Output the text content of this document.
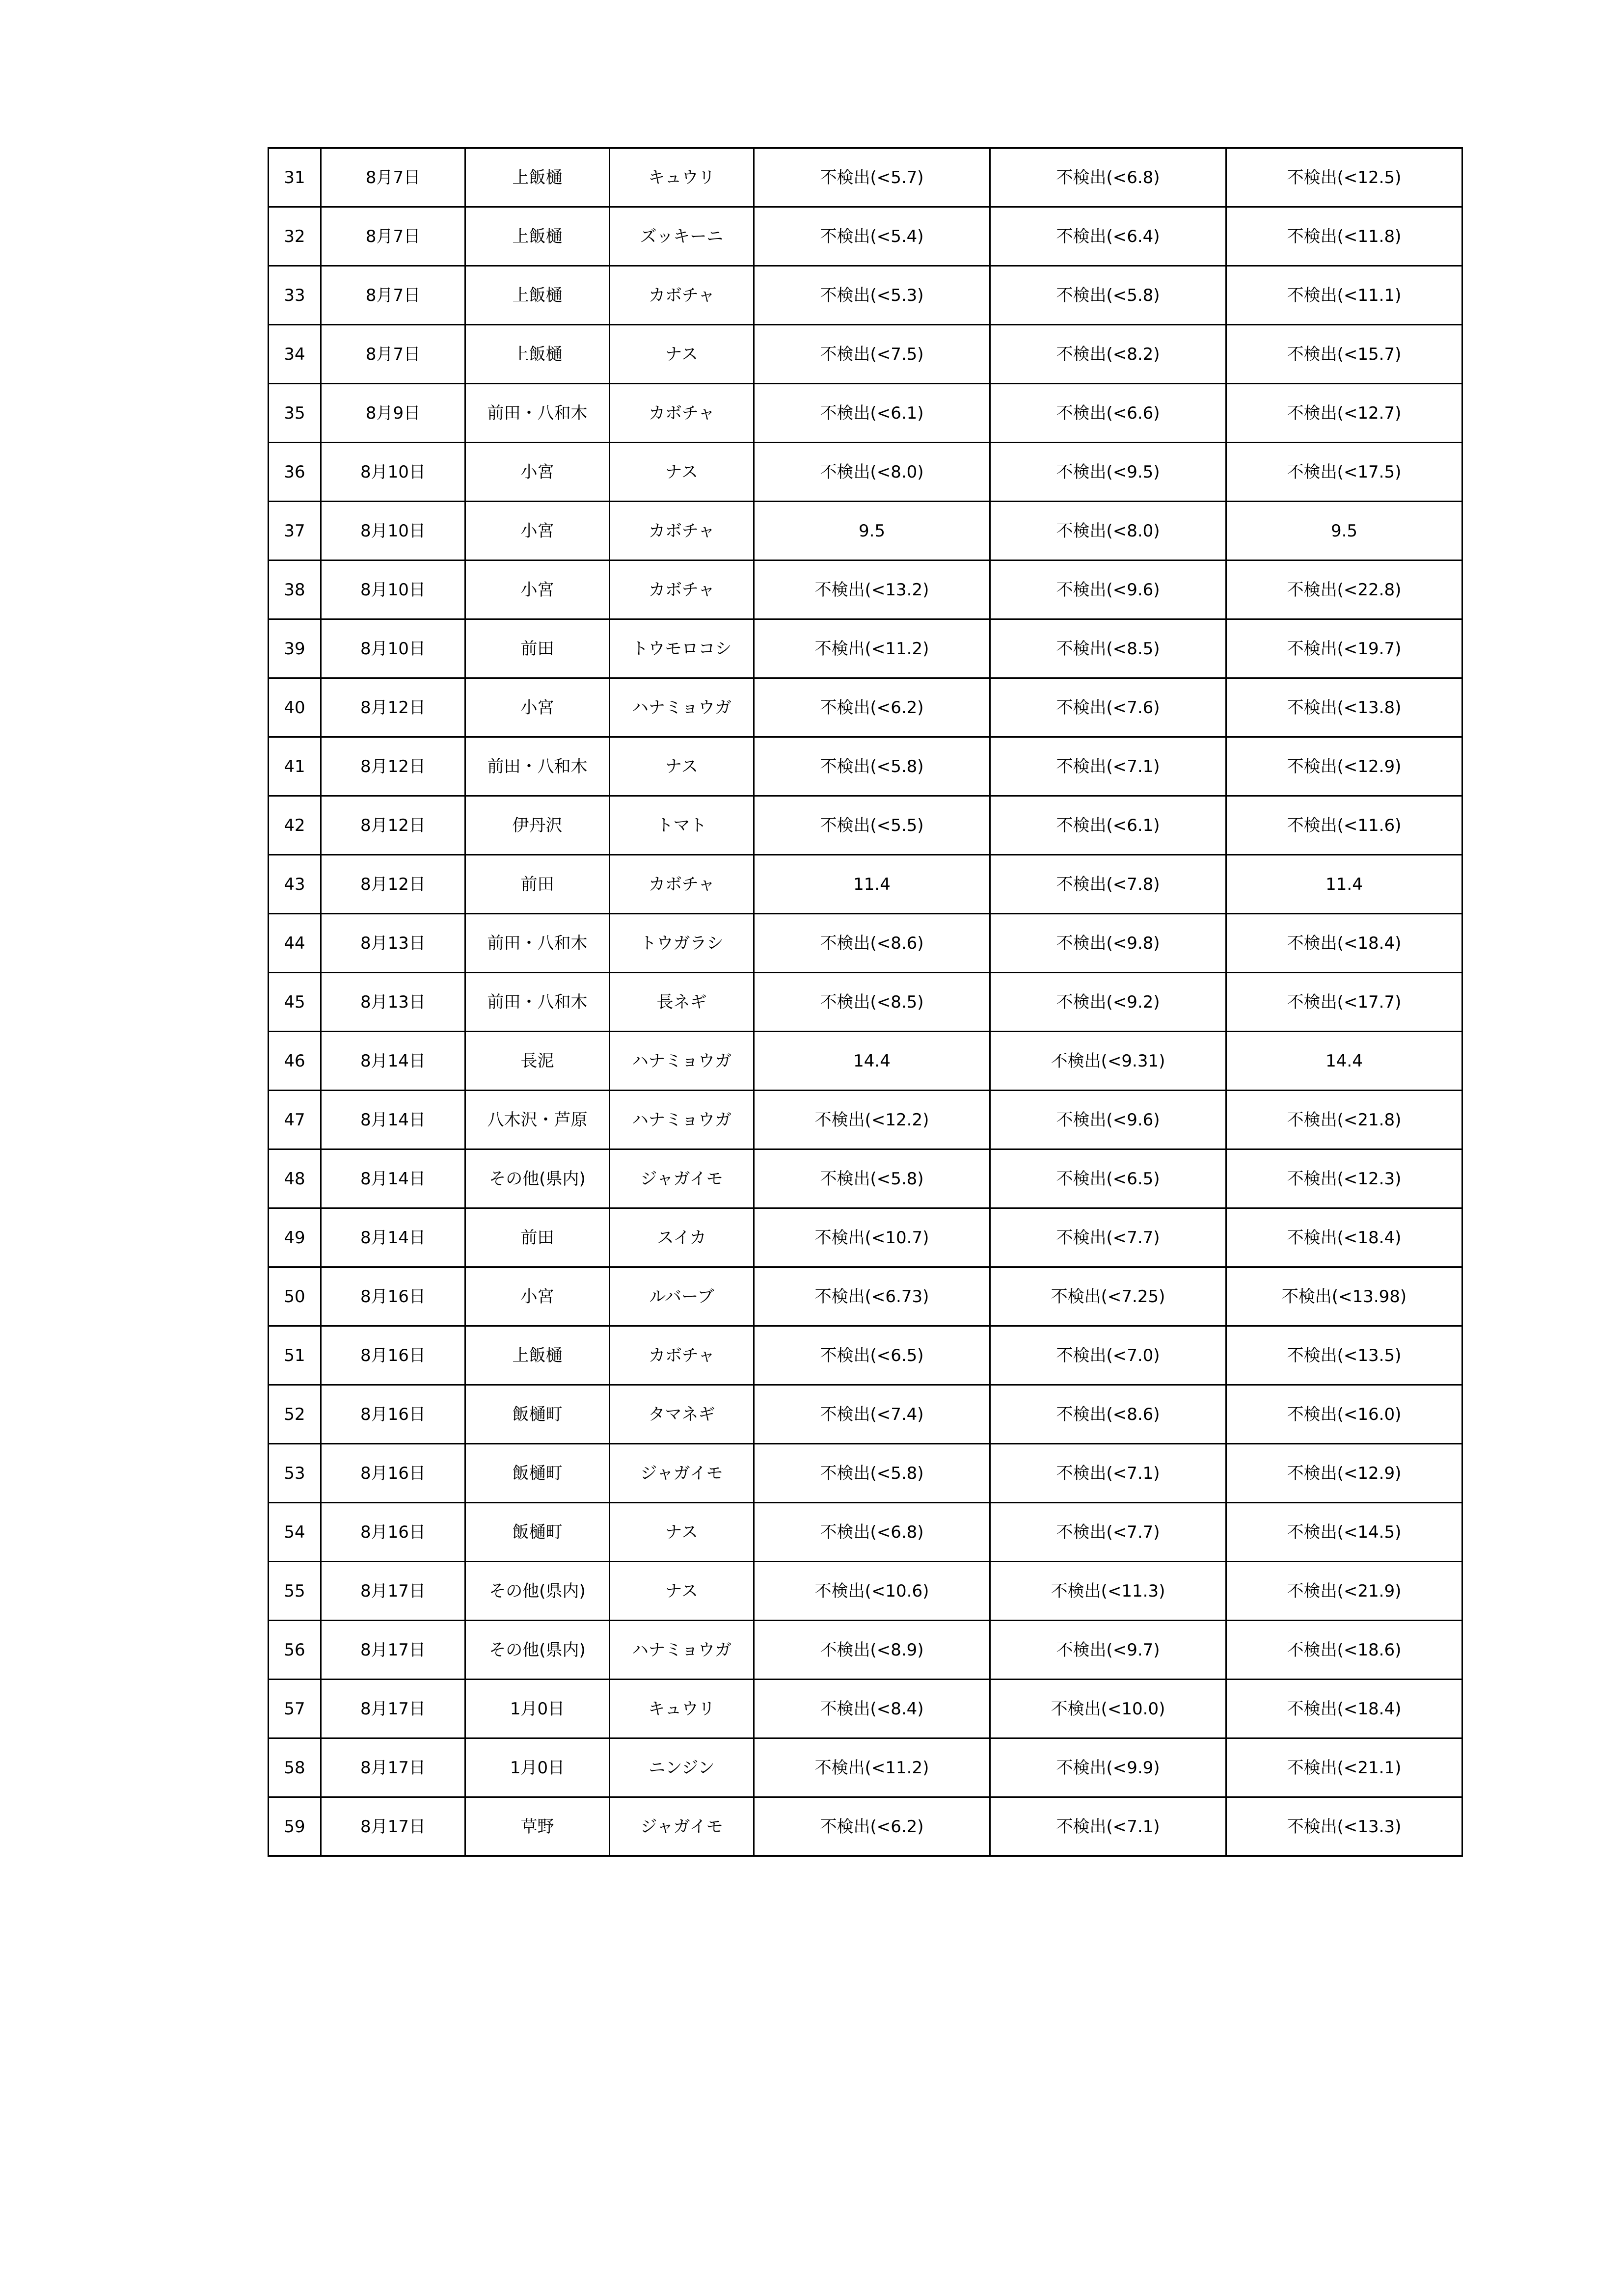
31	8月7日	上飯樋	キュウリ	不検出(<5.7)	不検出(<6.8)	不検出(<12.5)
32	8月7日	上飯樋	ズッキーニ	不検出(<5.4)	不検出(<6.4)	不検出(<11.8)
33	8月7日	上飯樋	カボチャ	不検出(<5.3)	不検出(<5.8)	不検出(<11.1)
34	8月7日	上飯樋	ナス	不検出(<7.5)	不検出(<8.2)	不検出(<15.7)
35	8月9日	前田・八和木	カボチャ	不検出(<6.1)	不検出(<6.6)	不検出(<12.7)
36	8月10日	小宮	ナス	不検出(<8.0)	不検出(<9.5)	不検出(<17.5)
37	8月10日	小宮	カボチャ	9.5	不検出(<8.0)	9.5
38	8月10日	小宮	カボチャ	不検出(<13.2)	不検出(<9.6)	不検出(<22.8)
39	8月10日	前田	トウモロコシ	不検出(<11.2)	不検出(<8.5)	不検出(<19.7)
40	8月12日	小宮	ハナミョウガ	不検出(<6.2)	不検出(<7.6)	不検出(<13.8)
41	8月12日	前田・八和木	ナス	不検出(<5.8)	不検出(<7.1)	不検出(<12.9)
42	8月12日	伊丹沢	トマト	不検出(<5.5)	不検出(<6.1)	不検出(<11.6)
43	8月12日	前田	カボチャ	11.4	不検出(<7.8)	11.4
44	8月13日	前田・八和木	トウガラシ	不検出(<8.6)	不検出(<9.8)	不検出(<18.4)
45	8月13日	前田・八和木	長ネギ	不検出(<8.5)	不検出(<9.2)	不検出(<17.7)
46	8月14日	長泥	ハナミョウガ	14.4	不検出(<9.31)	14.4
47	8月14日	八木沢・芦原	ハナミョウガ	不検出(<12.2)	不検出(<9.6)	不検出(<21.8)
48	8月14日	その他(県内)	ジャガイモ	不検出(<5.8)	不検出(<6.5)	不検出(<12.3)
49	8月14日	前田	スイカ	不検出(<10.7)	不検出(<7.7)	不検出(<18.4)
50	8月16日	小宮	ルバーブ	不検出(<6.73)	不検出(<7.25)	不検出(<13.98)
51	8月16日	上飯樋	カボチャ	不検出(<6.5)	不検出(<7.0)	不検出(<13.5)
52	8月16日	飯樋町	タマネギ	不検出(<7.4)	不検出(<8.6)	不検出(<16.0)
53	8月16日	飯樋町	ジャガイモ	不検出(<5.8)	不検出(<7.1)	不検出(<12.9)
54	8月16日	飯樋町	ナス	不検出(<6.8)	不検出(<7.7)	不検出(<14.5)
55	8月17日	その他(県内)	ナス	不検出(<10.6)	不検出(<11.3)	不検出(<21.9)
56	8月17日	その他(県内)	ハナミョウガ	不検出(<8.9)	不検出(<9.7)	不検出(<18.6)
57	8月17日	1月0日	キュウリ	不検出(<8.4)	不検出(<10.0)	不検出(<18.4)
58	8月17日	1月0日	ニンジン	不検出(<11.2)	不検出(<9.9)	不検出(<21.1)
59	8月17日	草野	ジャガイモ	不検出(<6.2)	不検出(<7.1)	不検出(<13.3)
